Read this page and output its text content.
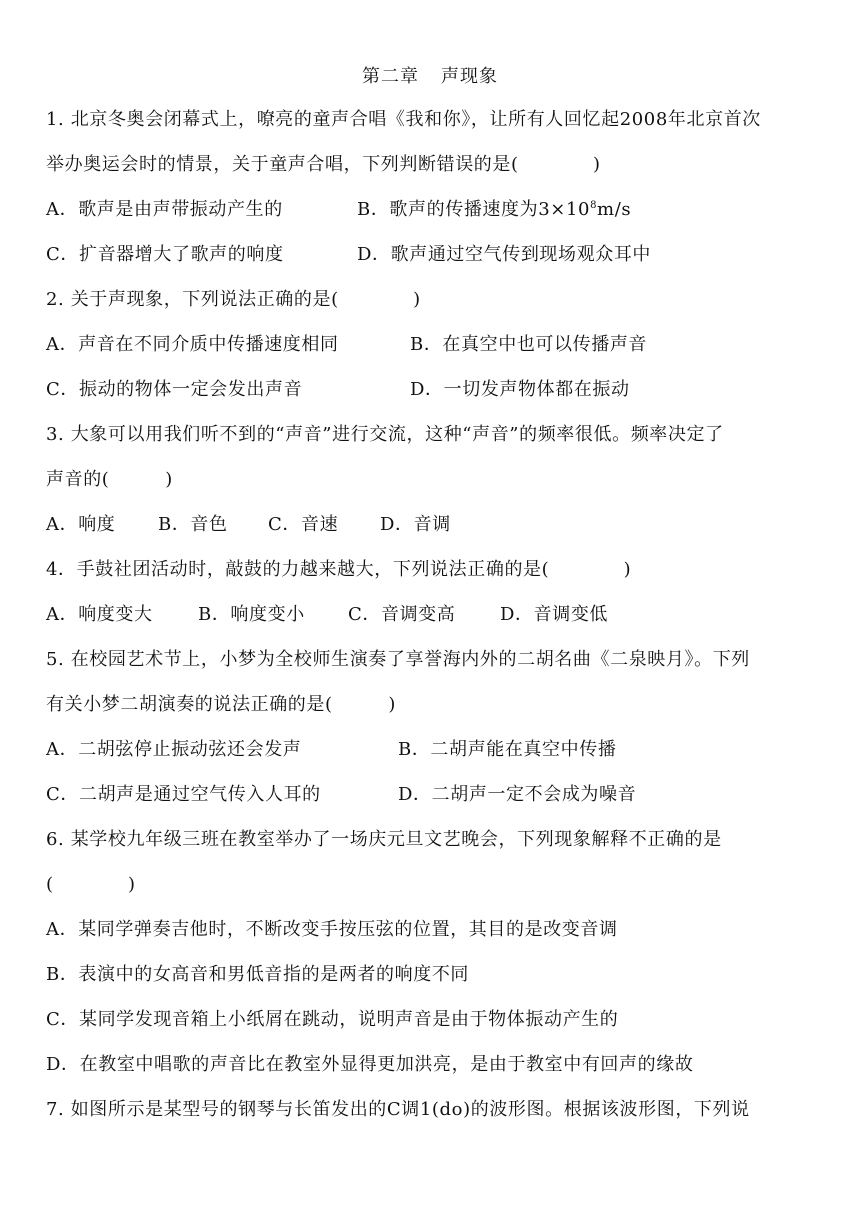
第二章 声现象
1. 北京冬奥会闭幕式上，嘹亮的童声合唱《我和你》，让所有人回忆起2008年北京首次
举办奥运会时的情景，关于童声合唱，下列判断错误的是(　　　　)
A．歌声是由声带振动产生的	B．歌声的传播速度为$3\times 10^8m/s$
C．扩音器增大了歌声的响度	D．歌声通过空气传到现场观众耳中
2. 关于声现象，下列说法正确的是(　　　　)
A．声音在不同介质中传播速度相同	B．在真空中也可以传播声音
C．振动的物体一定会发出声音	D．一切发声物体都在振动
3. 大象可以用我们听不到的“声音”进行交流，这种“声音”的频率很低。频率决定了
声音的(　　　)
A．响度 B．音色 C．音速 D．音调
4．手鼓社团活动时，敲鼓的力越来越大，下列说法正确的是(　　　　)
A．响度变大	B．响度变小 C．音调变高 D．音调变低
5. 在校园艺术节上，小梦为全校师生演奏了享誉海内外的二胡名曲《二泉映月》。下列
有关小梦二胡演奏的说法正确的是(　　　)
A．二胡弦停止振动弦还会发声	B．二胡声能在真空中传播
C．二胡声是通过空气传入人耳的	D．二胡声一定不会成为噪音
6. 某学校九年级三班在教室举办了一场庆元旦文艺晚会，下列现象解释不正确的是
(　　　　)
A．某同学弹奏吉他时，不断改变手按压弦的位置，其目的是改变音调
B．表演中的女高音和男低音指的是两者的响度不同
C．某同学发现音箱上小纸屑在跳动，说明声音是由于物体振动产生的
D．在教室中唱歌的声音比在教室外显得更加洪亮，是由于教室中有回声的缘故
7. 如图所示是某型号的钢琴与长笛发出的C调1(do)的波形图。根据该波形图，下列说
